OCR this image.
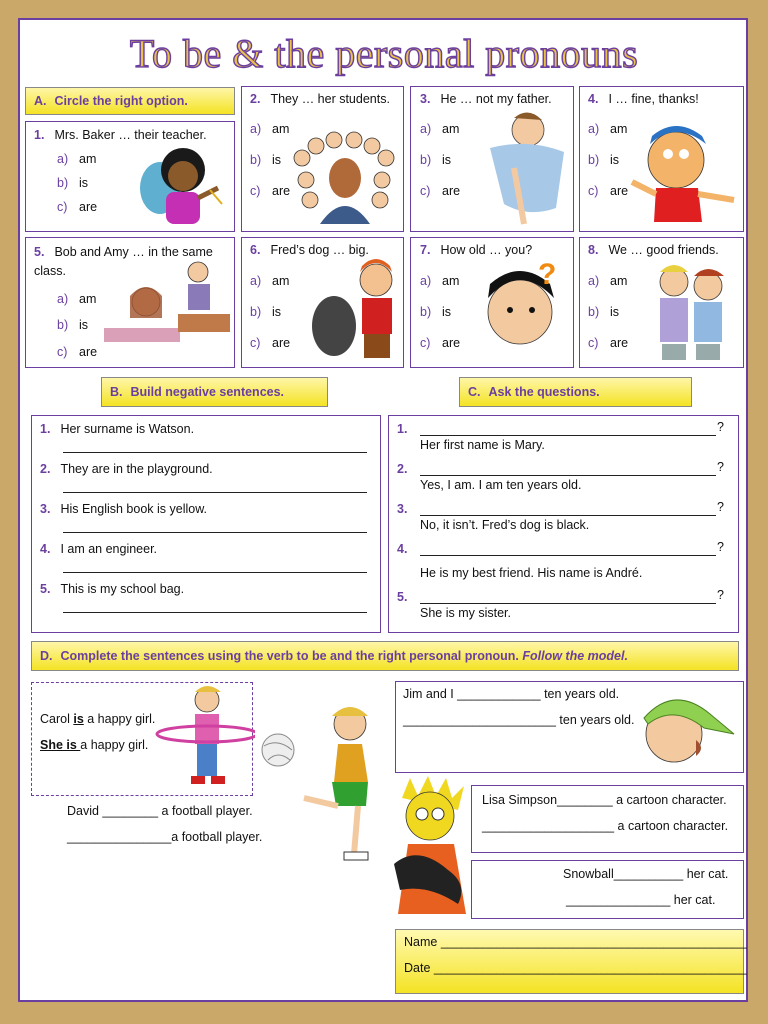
To be & the personal pronouns
A. Circle the right option.
1. Mrs. Baker … their teacher.
a) am
b) is
c) are
2. They … her students.
a) am
b) is
c) are
3. He … not my father.
a) am
b) is
c) are
4. I … fine, thanks!
a) am
b) is
c) are
5. Bob and Amy … in the same class.
a) am
b) is
c) are
6. Fred’s dog … big.
a) am
b) is
c) are
7. How old … you?
a) am
b) is
c) are
?
8. We … good friends.
a) am
b) is
c) are
B. Build negative sentences.	C. Ask the questions.
1. Her surname is Watson.
2. They are in the playground.
3. His English book is yellow.
4. I am an engineer.
5. This is my school bag.
1.	?
Her first name is Mary.
2.	?
Yes, I am. I am ten years old.
3.	?
No, it isn’t. Fred’s dog is black.
4.	?
He is my best friend. His name is André.
5.	?
She is my sister.
D. Complete the sentences using the verb to be and the right personal pronoun.
Follow the model.
Carol is a happy girl.
She is a happy girl.
David ________ a football player.
_______________a football player.
Jim and I ____________ ten years old.
______________________ ten years old.
Lisa Simpson________ a cartoon character.
___________________ a cartoon character.
Snowball__________ her cat.
_______________ her cat.
Name ____________________________________________
Date _____________________________________________
